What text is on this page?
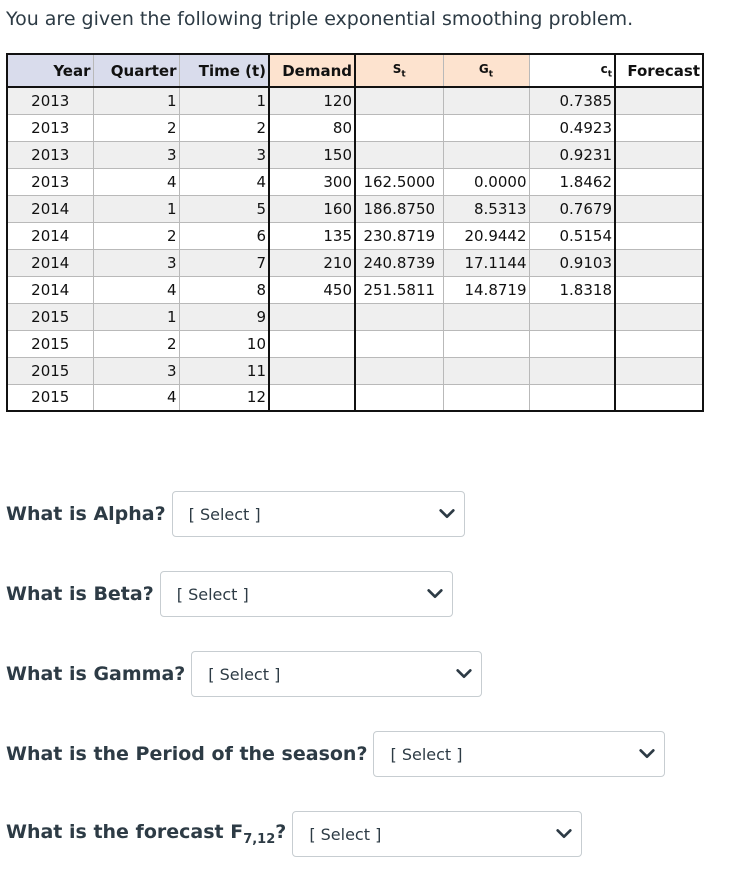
You are given the following triple exponential smoothing problem.
Year	Quarter	Time (t)	Demand	$S_t$	$G_t$	$c_t$	Forecast
2013	1	1	120			0.7385	
2013	2	2	80			0.4923	
2013	3	3	150			0.9231	
2013	4	4	300	162.5000	0.0000	1.8462	
2014	1	5	160	186.8750	8.5313	0.7679	
2014	2	6	135	230.8719	20.9442	0.5154	
2014	3	7	210	240.8739	17.1144	0.9103	
2014	4	8	450	251.5811	14.8719	1.8318	
2015	1	9					
2015	2	10					
2015	3	11					
2015	4	12					
What is Alpha? [ Select ]
What is Beta? [ Select ]
What is Gamma? [ Select ]
What is the Period of the season? [ Select ]
What is the forecast $F_{7,12}$? [ Select ]
